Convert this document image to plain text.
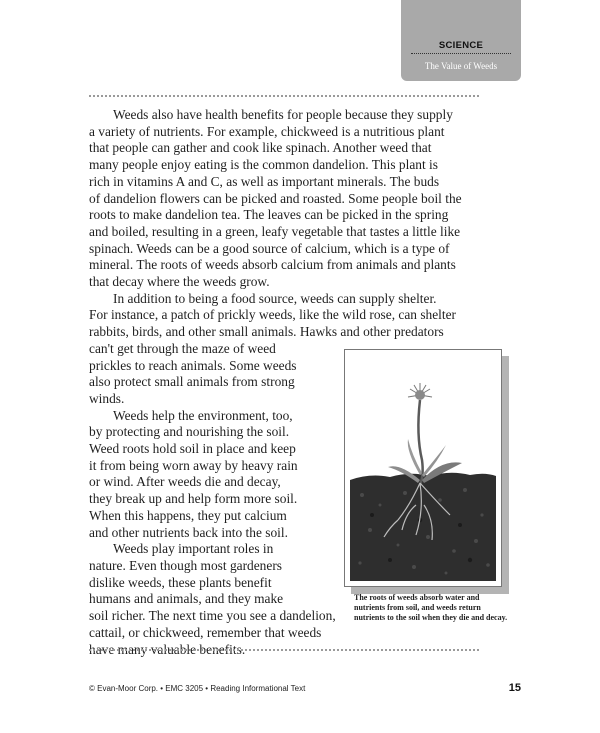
SCIENCE
The Value of Weeds

Weeds also have health benefits for people because they supply
a variety of nutrients. For example, chickweed is a nutritious plant
that people can gather and cook like spinach. Another weed that
many people enjoy eating is the common dandelion. This plant is
rich in vitamins A and C, as well as important minerals. The buds
of dandelion flowers can be picked and roasted. Some people boil the
roots to make dandelion tea. The leaves can be picked in the spring
and boiled, resulting in a green, leafy vegetable that tastes a little like
spinach. Weeds can be a good source of calcium, which is a type of
mineral. The roots of weeds absorb calcium from animals and plants
that decay where the weeds grow.

In addition to being a food source, weeds can supply shelter.
For instance, a patch of prickly weeds, like the wild rose, can shelter
rabbits, birds, and other small animals. Hawks and other predators
can't get through the maze of weed
prickles to reach animals. Some weeds
also protect small animals from strong
winds.

Weeds help the environment, too,
by protecting and nourishing the soil.
Weed roots hold soil in place and keep
it from being worn away by heavy rain
or wind. After weeds die and decay,
they break up and help form more soil.
When this happens, they put calcium
and other nutrients back into the soil.

Weeds play important roles in
nature. Even though most gardeners
dislike weeds, these plants benefit
humans and animals, and they make
soil richer. The next time you see a dandelion,
cattail, or chickweed, remember that weeds
have many valuable benefits.

The roots of weeds absorb water and nutrients from soil, and weeds return nutrients to the soil when they die and decay.
© Evan-Moor Corp. • EMC 3205 • Reading Informational Text	15
